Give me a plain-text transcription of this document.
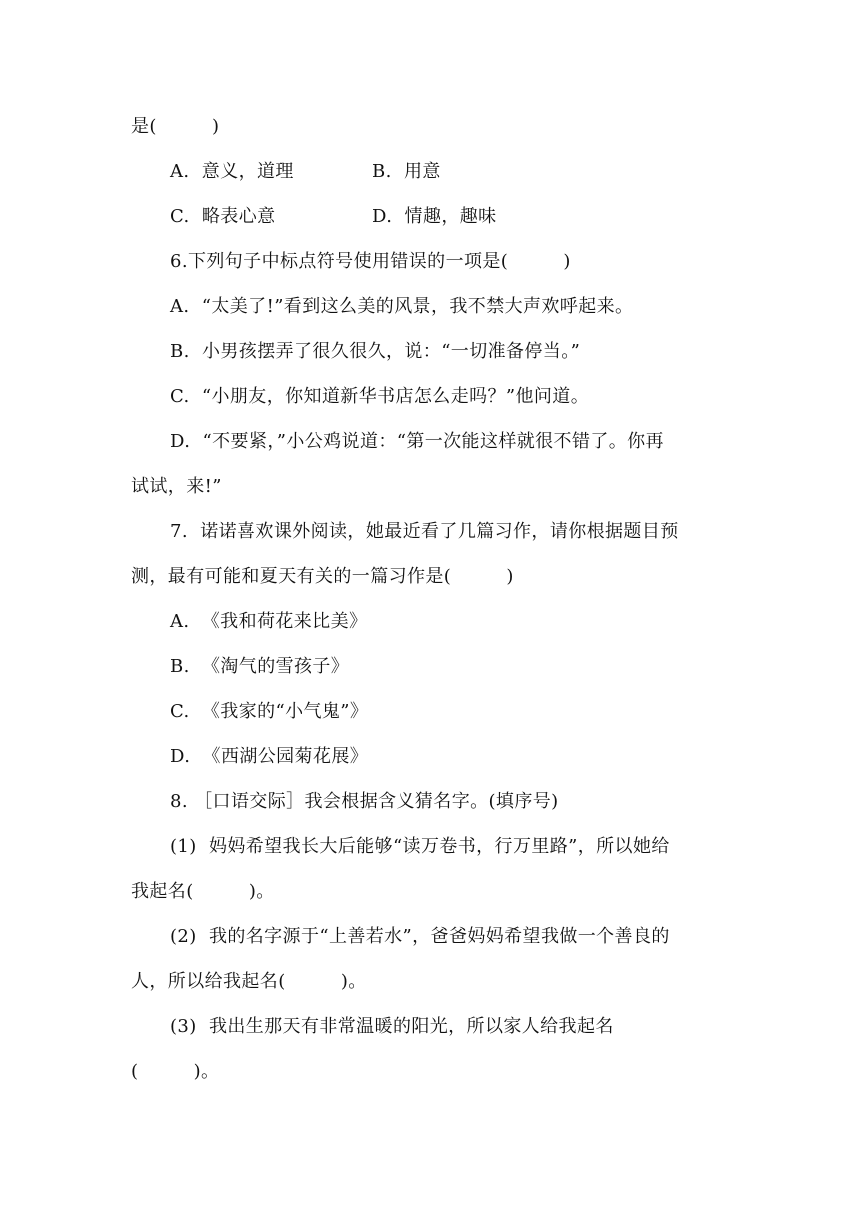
是(　　　)
A.  意义，道理	B.  用意
C.  略表心意	D.  情趣，趣味
6.下列句子中标点符号使用错误的一项是(　　　)
A.  “太美了!”看到这么美的风景，我不禁大声欢呼起来。
B.  小男孩摆弄了很久很久，说：“一切准备停当。”
C.  “小朋友，你知道新华书店怎么走吗？”他问道。
D.  “不要紧，”小公鸡说道：“第一次能这样就很不错了。你再
试试，来!”
7.  诺诺喜欢课外阅读，她最近看了几篇习作，请你根据题目预
测，最有可能和夏天有关的一篇习作是(　　　)
A.  《我和荷花来比美》
B.  《淘气的雪孩子》
C.  《我家的“小气鬼”》
D.  《西湖公园菊花展》
8. ［口语交际］我会根据含义猜名字。(填序号)
(1)  妈妈希望我长大后能够“读万卷书，行万里路”，所以她给
我起名(　　　)。
(2)  我的名字源于“上善若水”，爸爸妈妈希望我做一个善良的
人，所以给我起名(　　　)。
(3)  我出生那天有非常温暖的阳光，所以家人给我起名
(　　　)。
